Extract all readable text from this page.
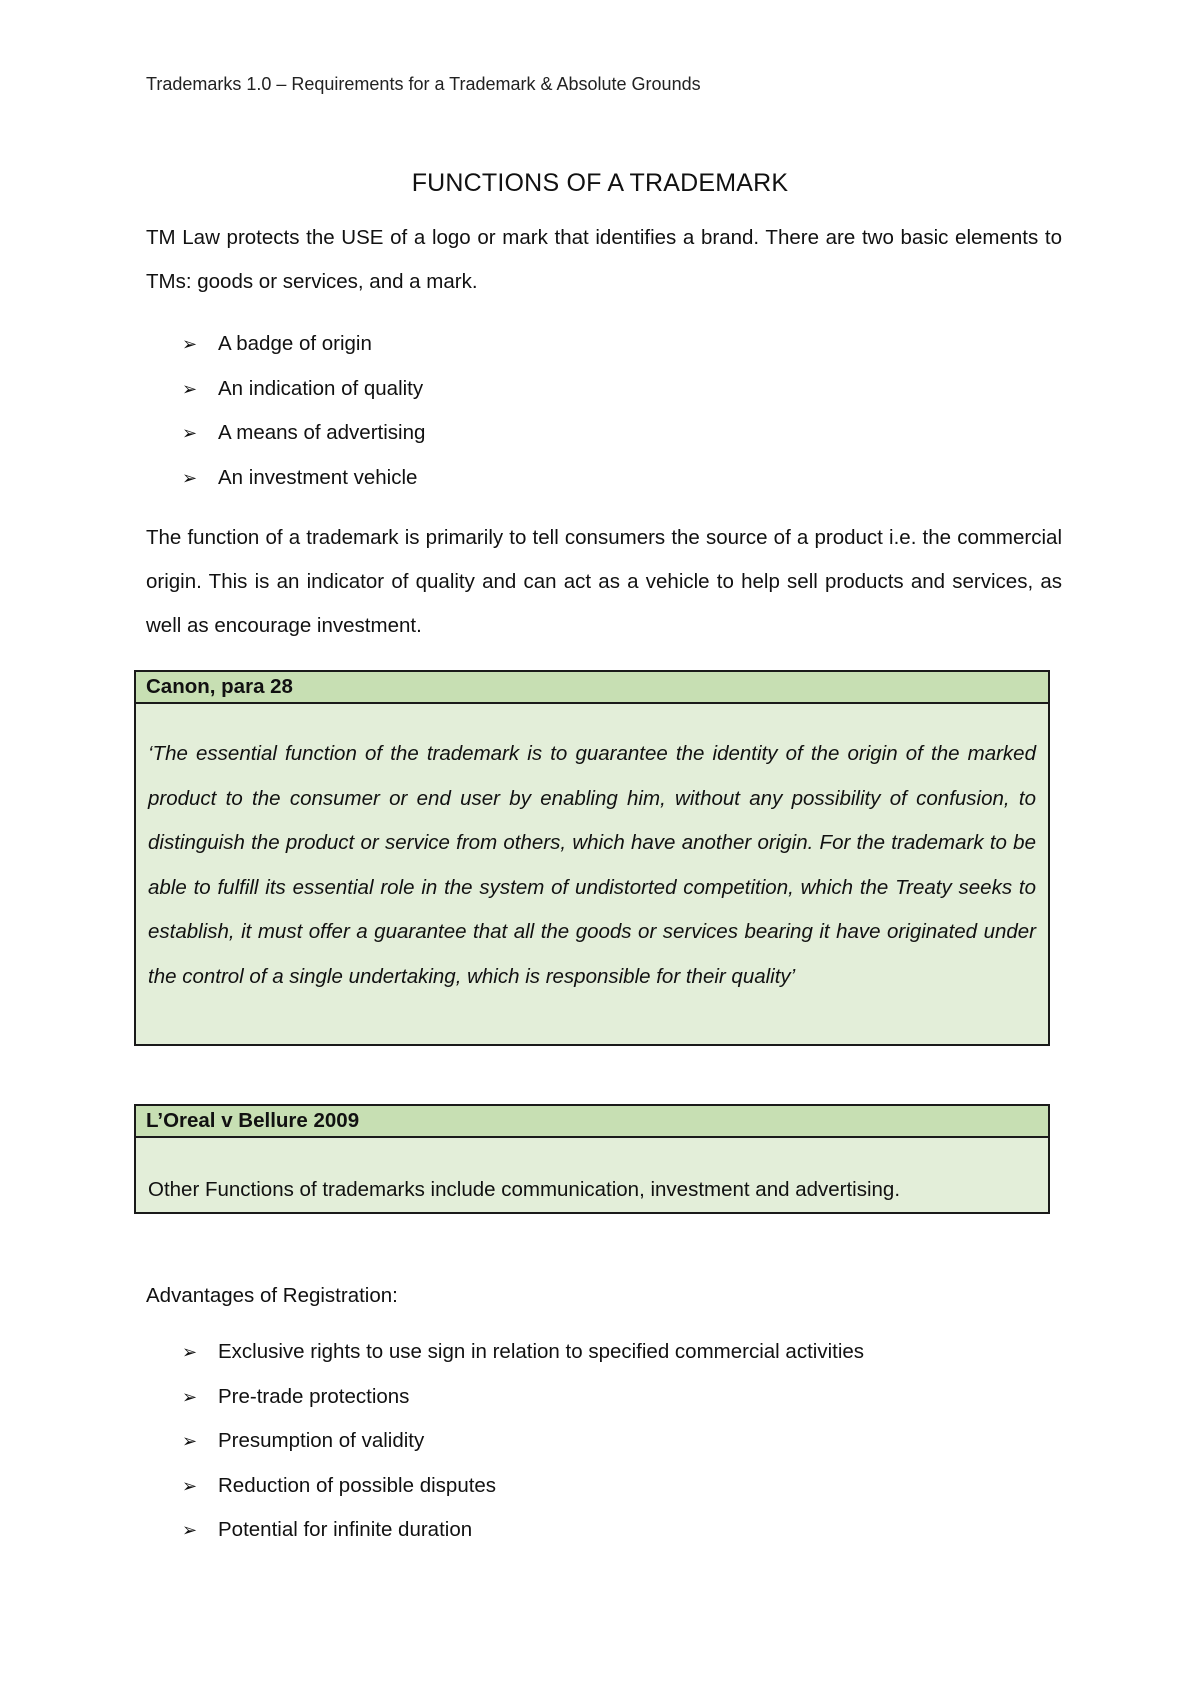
Trademarks 1.0 – Requirements for a Trademark & Absolute Grounds
FUNCTIONS OF A TRADEMARK

TM Law protects the USE of a logo or mark that identifies a brand. There are two basic elements to TMs: goods or services, and a mark.

➢ A badge of origin
➢ An indication of quality
➢ A means of advertising
➢ An investment vehicle

The function of a trademark is primarily to tell consumers the source of a product i.e. the commercial origin. This is an indicator of quality and can act as a vehicle to help sell products and services, as well as encourage investment.

Canon, para 28
‘The essential function of the trademark is to guarantee the identity of the origin of the marked product to the consumer or end user by enabling him, without any possibility of confusion, to distinguish the product or service from others, which have another origin. For the trademark to be able to fulfill its essential role in the system of undistorted competition, which the Treaty seeks to establish, it must offer a guarantee that all the goods or services bearing it have originated under the control of a single undertaking, which is responsible for their quality’
L’Oreal v Bellure 2009
Other Functions of trademarks include communication, investment and advertising.
Advantages of Registration:
➢ Exclusive rights to use sign in relation to specified commercial activities
➢ Pre-trade protections
➢ Presumption of validity
➢ Reduction of possible disputes
➢ Potential for infinite duration
